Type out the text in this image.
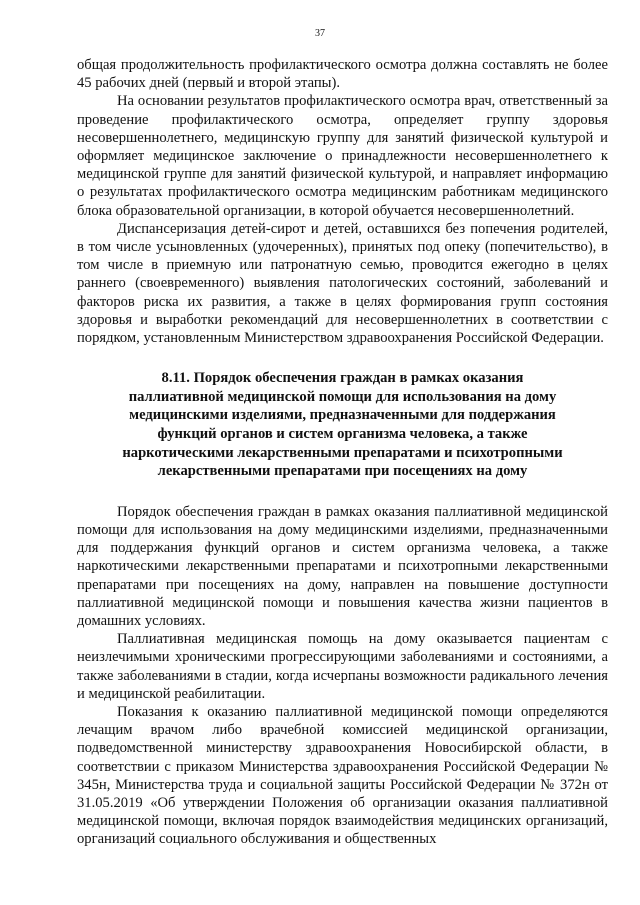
37

общая продолжительность профилактического осмотра должна составлять не более 45 рабочих дней (первый и второй этапы).

На основании результатов профилактического осмотра врач, ответственный за проведение профилактического осмотра, определяет группу здоровья несовершеннолетнего, медицинскую группу для занятий физической культурой и оформляет медицинское заключение о принадлежности несовершеннолетнего к медицинской группе для занятий физической культурой, и направляет информацию о результатах профилактического осмотра медицинским работникам медицинского блока образовательной организации, в которой обучается несовершеннолетний.

Диспансеризация детей-сирот и детей, оставшихся без попечения родителей, в том числе усыновленных (удочеренных), принятых под опеку (попечительство), в том числе в приемную или патронатную семью, проводится ежегодно в целях раннего (своевременного) выявления патологических состояний, заболеваний и факторов риска их развития, а также в целях формирования групп состояния здоровья и выработки рекомендаций для несовершеннолетних в соответствии с порядком, установленным Министерством здравоохранения Российской Федерации.

8.11. Порядок обеспечения граждан в рамках оказания
паллиативной медицинской помощи для использования на дому
медицинскими изделиями, предназначенными для поддержания
функций органов и систем организма человека, а также
наркотическими лекарственными препаратами и психотропными
лекарственными препаратами при посещениях на дому

Порядок обеспечения граждан в рамках оказания паллиативной медицинской помощи для использования на дому медицинскими изделиями, предназначенными для поддержания функций органов и систем организма человека, а также наркотическими лекарственными препаратами и психотропными лекарственными препаратами при посещениях на дому, направлен на повышение доступности паллиативной медицинской помощи и повышения качества жизни пациентов в домашних условиях.

Паллиативная медицинская помощь на дому оказывается пациентам с неизлечимыми хроническими прогрессирующими заболеваниями и состояниями, а также заболеваниями в стадии, когда исчерпаны возможности радикального лечения и медицинской реабилитации.

Показания к оказанию паллиативной медицинской помощи определяются лечащим врачом либо врачебной комиссией медицинской организации, подведомственной министерству здравоохранения Новосибирской области, в соответствии с приказом Министерства здравоохранения Российской Федерации № 345н, Министерства труда и социальной защиты Российской Федерации № 372н от 31.05.2019 «Об утверждении Положения об организации оказания паллиативной медицинской помощи, включая порядок взаимодействия медицинских организаций, организаций социального обслуживания и общественных
